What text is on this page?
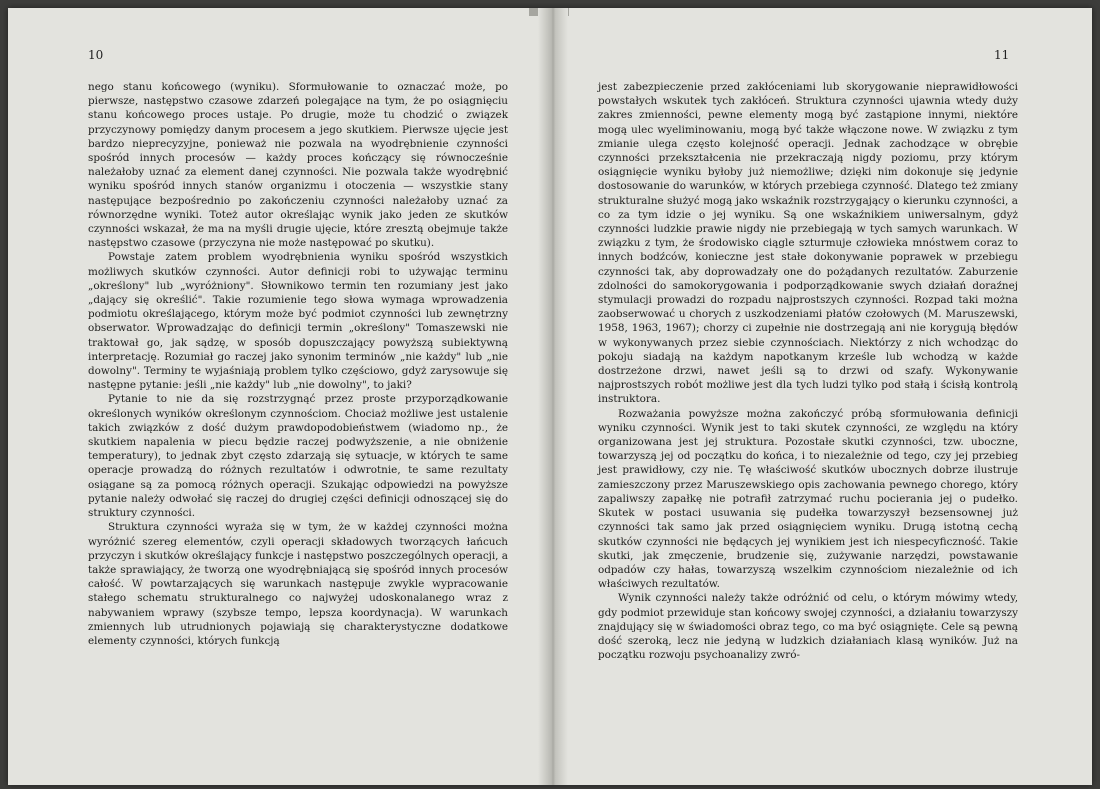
10

nego stanu końcowego (wyniku). Sformułowanie to oznaczać może, po pierwsze, następstwo czasowe zdarzeń polegające na tym, że po osiągnięciu stanu końcowego proces ustaje. Po drugie, może tu chodzić o związek przyczynowy pomiędzy danym procesem a jego skutkiem. Pierwsze ujęcie jest bardzo nieprecyzyjne, ponieważ nie pozwala na wyodrębnienie czynności spośród innych procesów — każdy proces kończący się równocześnie należałoby uznać za element danej czynności. Nie pozwala także wyodrębnić wyniku spośród innych stanów organizmu i otoczenia — wszystkie stany następujące bezpośrednio po zakończeniu czynności należałoby uznać za równorzędne wyniki. Toteż autor określając wynik jako jeden ze skutków czynności wskazał, że ma na myśli drugie ujęcie, które zresztą obejmuje także następstwo czasowe (przyczyna nie może następować po skutku).

Powstaje zatem problem wyodrębnienia wyniku spośród wszystkich możliwych skutków czynności. Autor definicji robi to używając terminu „określony" lub „wyróżniony". Słownikowo termin ten rozumiany jest jako „dający się określić". Takie rozumienie tego słowa wymaga wprowadzenia podmiotu określającego, którym może być podmiot czynności lub zewnętrzny obserwator. Wprowadzając do definicji termin „określony" Tomaszewski nie traktował go, jak sądzę, w sposób dopuszczający powyższą subiektywną interpretację. Rozumiał go raczej jako synonim terminów „nie każdy" lub „nie dowolny". Terminy te wyjaśniają problem tylko częściowo, gdyż zarysowuje się następne pytanie: jeśli „nie każdy" lub „nie dowolny", to jaki?

Pytanie to nie da się rozstrzygnąć przez proste przyporządkowanie określonych wyników określonym czynnościom. Chociaż możliwe jest ustalenie takich związków z dość dużym prawdopodobieństwem (wiadomo np., że skutkiem napalenia w piecu będzie raczej podwyższenie, a nie obniżenie temperatury), to jednak zbyt często zdarzają się sytuacje, w których te same operacje prowadzą do różnych rezultatów i odwrotnie, te same rezultaty osiągane są za pomocą różnych operacji. Szukając odpowiedzi na powyższe pytanie należy odwołać się raczej do drugiej części definicji odnoszącej się do struktury czynności.

Struktura czynności wyraża się w tym, że w każdej czynności można wyróżnić szereg elementów, czyli operacji składowych tworzących łańcuch przyczyn i skutków określający funkcje i następstwo poszczególnych operacji, a także sprawiający, że tworzą one wyodrębniającą się spośród innych procesów całość. W powtarzających się warunkach następuje zwykle wypracowanie stałego schematu strukturalnego co najwyżej udoskonalanego wraz z nabywaniem wprawy (szybsze tempo, lepsza koordynacja). W warunkach zmiennych lub utrudnionych pojawiają się charakterystyczne dodatkowe elementy czynności, których funkcją

11

jest zabezpieczenie przed zakłóceniami lub skorygowanie nieprawidłowości powstałych wskutek tych zakłóceń. Struktura czynności ujawnia wtedy duży zakres zmienności, pewne elementy mogą być zastąpione innymi, niektóre mogą ulec wyeliminowaniu, mogą być także włączone nowe. W związku z tym zmianie ulega często kolejność operacji. Jednak zachodzące w obrębie czynności przekształcenia nie przekraczają nigdy poziomu, przy którym osiągnięcie wyniku byłoby już niemożliwe; dzięki nim dokonuje się jedynie dostosowanie do warunków, w których przebiega czynność. Dlatego też zmiany strukturalne służyć mogą jako wskaźnik rozstrzygający o kierunku czynności, a co za tym idzie o jej wyniku. Są one wskaźnikiem uniwersalnym, gdyż czynności ludzkie prawie nigdy nie przebiegają w tych samych warunkach. W związku z tym, że środowisko ciągle szturmuje człowieka mnóstwem coraz to innych bodźców, konieczne jest stałe dokonywanie poprawek w przebiegu czynności tak, aby doprowadzały one do pożądanych rezultatów. Zaburzenie zdolności do samokorygowania i podporządkowanie swych działań doraźnej stymulacji prowadzi do rozpadu najprostszych czynności. Rozpad taki można zaobserwować u chorych z uszkodzeniami płatów czołowych (M. Maruszewski, 1958, 1963, 1967); chorzy ci zupełnie nie dostrzegają ani nie korygują błędów w wykonywanych przez siebie czynnościach. Niektórzy z nich wchodząc do pokoju siadają na każdym napotkanym krześle lub wchodzą w każde dostrzeżone drzwi, nawet jeśli są to drzwi od szafy. Wykonywanie najprostszych robót możliwe jest dla tych ludzi tylko pod stałą i ścisłą kontrolą instruktora.

Rozważania powyższe można zakończyć próbą sformułowania definicji wyniku czynności. Wynik jest to taki skutek czynności, ze względu na który organizowana jest jej struktura. Pozostałe skutki czynności, tzw. uboczne, towarzyszą jej od początku do końca, i to niezależnie od tego, czy jej przebieg jest prawidłowy, czy nie. Tę właściwość skutków ubocznych dobrze ilustruje zamieszczony przez Maruszewskiego opis zachowania pewnego chorego, który zapaliwszy zapałkę nie potrafił zatrzymać ruchu pocierania jej o pudełko. Skutek w postaci usuwania się pudełka towarzyszył bezsensownej już czynności tak samo jak przed osiągnięciem wyniku. Drugą istotną cechą skutków czynności nie będących jej wynikiem jest ich niespecyficzność. Takie skutki, jak zmęczenie, brudzenie się, zużywanie narzędzi, powstawanie odpadów czy hałas, towarzyszą wszelkim czynnościom niezależnie od ich właściwych rezultatów.

Wynik czynności należy także odróżnić od celu, o którym mówimy wtedy, gdy podmiot przewiduje stan końcowy swojej czynności, a działaniu towarzyszy znajdujący się w świadomości obraz tego, co ma być osiągnięte. Cele są pewną dość szeroką, lecz nie jedyną w ludzkich działaniach klasą wyników. Już na początku rozwoju psychoanalizy zwró-
